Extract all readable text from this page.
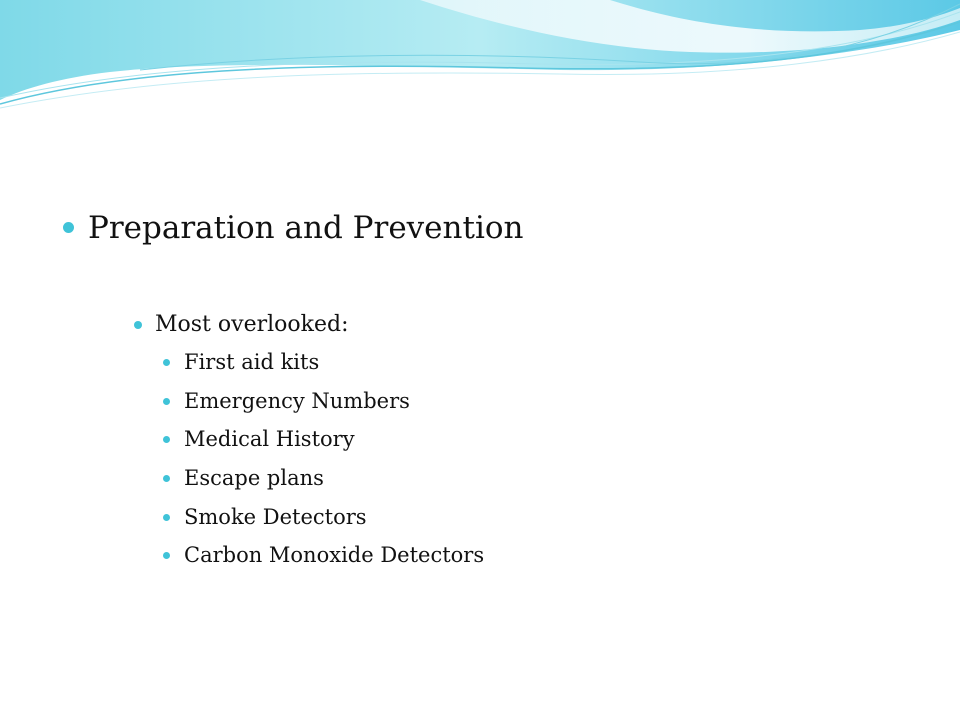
Preparation and Prevention
Most overlooked:
First aid kits
Emergency Numbers
Medical History
Escape plans
Smoke Detectors
Carbon Monoxide Detectors
